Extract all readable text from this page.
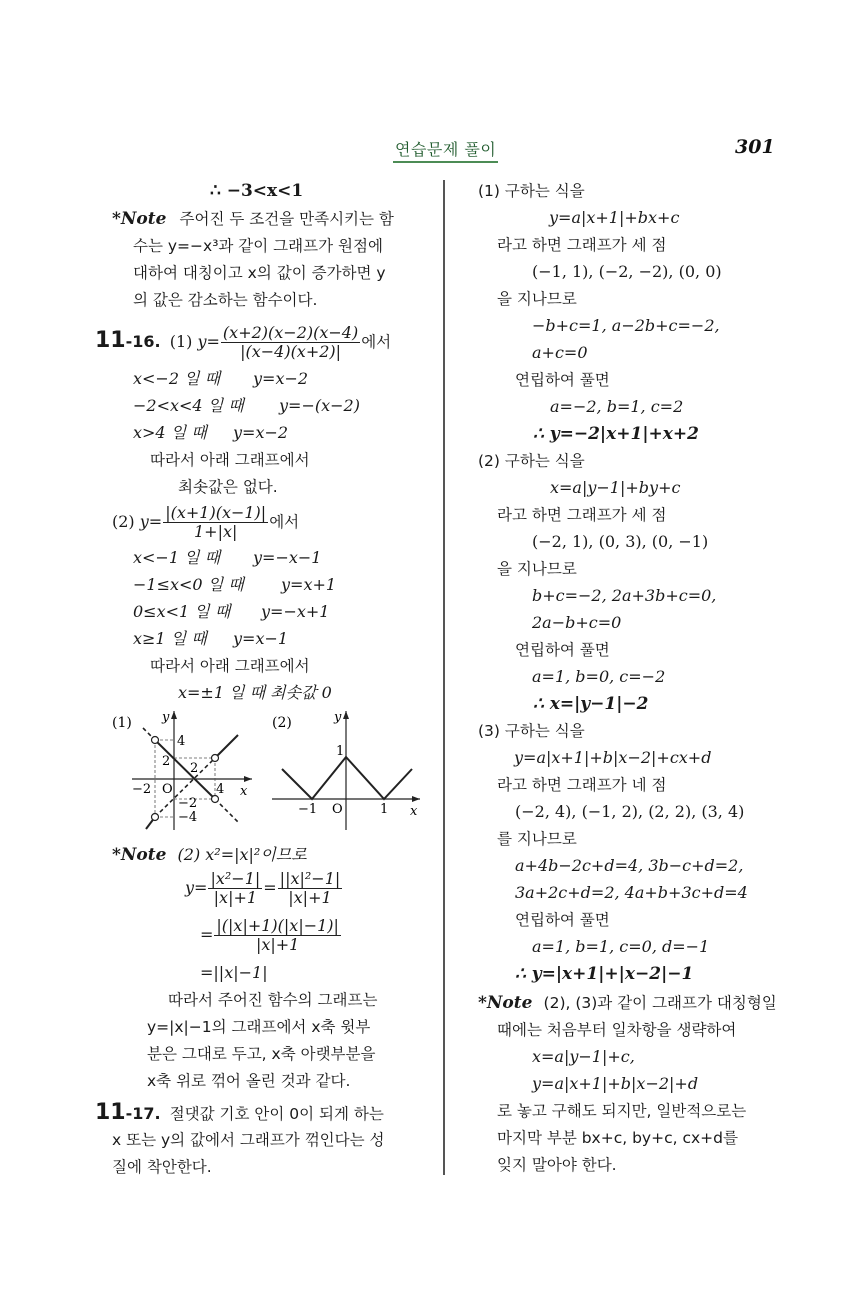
연습문제 풀이	301
∴ −3<x<1
*Note 주어진 두 조건을 만족시키는 함
수는 y=−x³과 같이 그래프가 원점에
대하여 대칭이고 x의 값이 증가하면 y
의 값은 감소하는 함수이다.
11-16. (1) $y= \frac{(x+2)(x-2)(x-4)}{|(x-4)(x+2)|}$ 에서
x<−2 일 때 y=x−2
−2<x<4 일 때 y=−(x−2)
x>4 일 때 y=x−2
따라서 아래 그래프에서
최솟값은 없다.
(2) $y= \frac{|(x+1)(x-1)|}{1+|x|}$ 에서
x<−1 일 때 y=−x−1
−1≤x<0 일 때 y=x+1
0≤x<1 일 때 y=−x+1
x≥1 일 때 y=x−1
따라서 아래 그래프에서
x=±1 일 때 최솟값 0
(1) y
x
O
4
2 2
−2
4
−2
−4
(2)	y
x
O
1
−1	1
*Note (2) x²=|x|²이므로
$y= \frac{\text{|x²−1|}}{|x|+1} = \frac{\text{||x|²−1|}}{|x|+1}$
= $\frac{|(|x|+1)(|x|-1)|}{|x|+1}$
=||x|−1|
따라서 주어진 함수의 그래프는
y=|x|−1의 그래프에서 x축 윗부
분은 그대로 두고, x축 아랫부분을
x축 위로 꺾어 올린 것과 같다.
11-17. 절댓값 기호 안이 0이 되게 하는
x 또는 y의 값에서 그래프가 꺾인다는 성
질에 착안한다.
(1) 구하는 식을
y=a|x+1|+bx+c
라고 하면 그래프가 세 점
(−1, 1), (−2, −2), (0, 0)
을 지나므로
−b+c=1, a−2b+c=−2,
a+c=0
연립하여 풀면
a=−2, b=1, c=2
∴ y=−2|x+1|+x+2
(2) 구하는 식을
x=a|y−1|+by+c
라고 하면 그래프가 세 점
(−2, 1), (0, 3), (0, −1)
을 지나므로
b+c=−2, 2a+3b+c=0,
2a−b+c=0
연립하여 풀면
a=1, b=0, c=−2
∴ x=|y−1|−2
(3) 구하는 식을
y=a|x+1|+b|x−2|+cx+d
라고 하면 그래프가 네 점
(−2, 4), (−1, 2), (2, 2), (3, 4)
를 지나므로
a+4b−2c+d=4, 3b−c+d=2,
3a+2c+d=2, 4a+b+3c+d=4
연립하여 풀면
a=1, b=1, c=0, d=−1
∴ y=|x+1|+|x−2|−1
*Note (2), (3)과 같이 그래프가 대칭형일
때에는 처음부터 일차항을 생략하여
x=a|y−1|+c,
y=a|x+1|+b|x−2|+d
로 놓고 구해도 되지만, 일반적으로는
마지막 부분 bx+c, by+c, cx+d를
잊지 말아야 한다.
